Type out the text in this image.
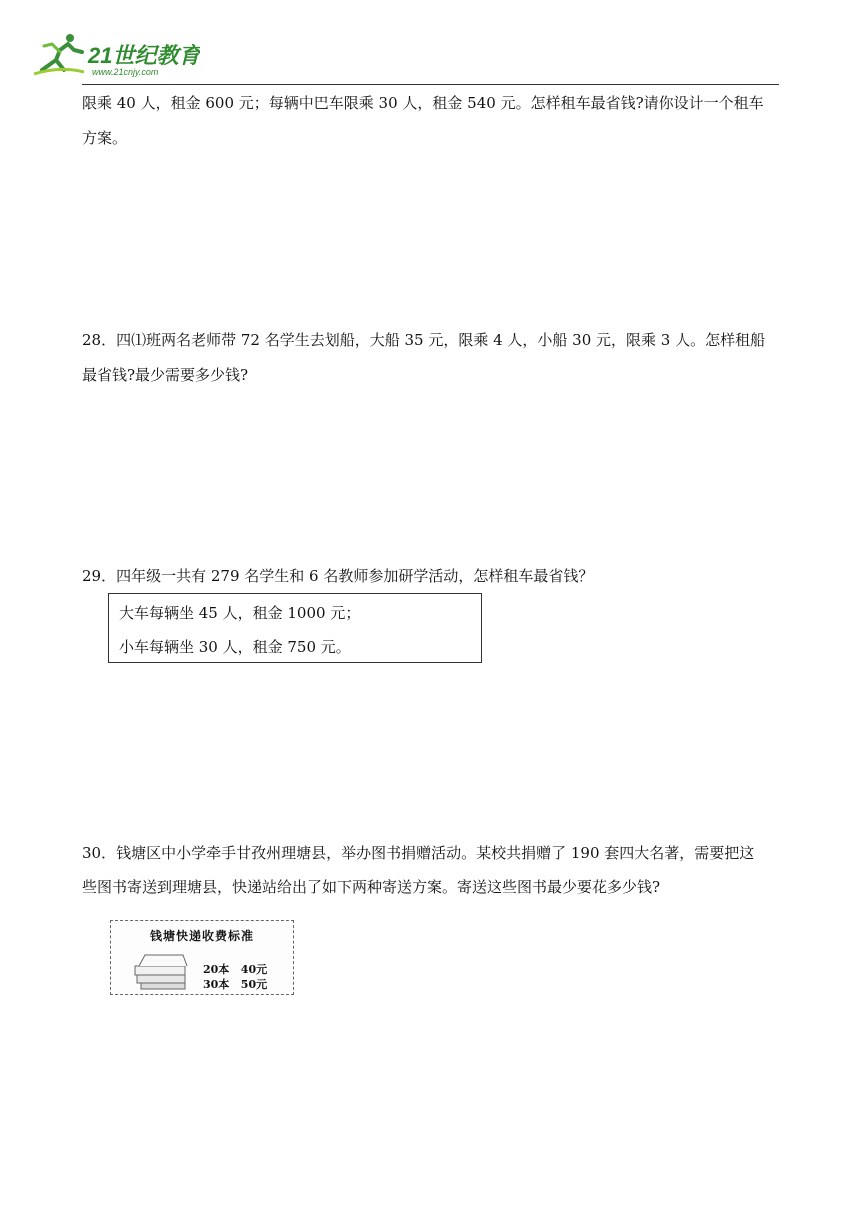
21世纪教育
www.21cnjy.com
限乘 40 人，租金 600 元；每辆中巴车限乘 30 人，租金 540 元。怎样租车最省钱?请你设计一个租车
方案。
28．四⑴班两名老师带 72 名学生去划船，大船 35 元，限乘 4 人，小船 30 元，限乘 3 人。怎样租船
最省钱?最少需要多少钱?
29．四年级一共有 279 名学生和 6 名教师参加研学活动，怎样租车最省钱？
大车每辆坐 45 人，租金 1000 元；
小车每辆坐 30 人，租金 750 元。
30．钱塘区中小学牵手甘孜州理塘县，举办图书捐赠活动。某校共捐赠了 190 套四大名著，需要把这
些图书寄送到理塘县，快递站给出了如下两种寄送方案。寄送这些图书最少要花多少钱?
钱塘快递收费标准
20本   40元
30本   50元
